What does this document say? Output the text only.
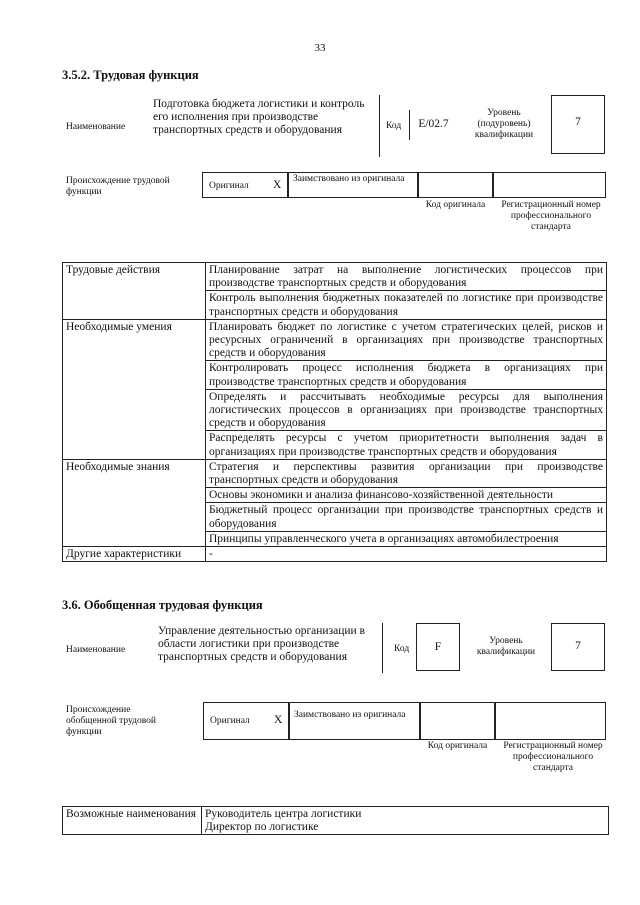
33
3.5.2. Трудовая функция
Наименование
Подготовка бюджета логистики и контроль его исполнения при производстве транспортных средств и оборудования	Код	E/02.7
Уровень (подуровень) квалификации
7
Происхождение трудовой функции
Оригинал X	Заимствовано из оригинала
Код оригинала	Регистрационный номер профессионального стандарта
Трудовые действия	Планирование затрат на выполнение логистических процессов при производстве транспортных средств и оборудования
	Контроль выполнения бюджетных показателей по логистике при производстве транспортных средств и оборудования
Необходимые умения	Планировать бюджет по логистике с учетом стратегических целей, рисков и ресурсных ограничений в организациях при производстве транспортных средств и оборудования
	Контролировать процесс исполнения бюджета в организациях при производстве транспортных средств и оборудования
	Определять и рассчитывать необходимые ресурсы для выполнения логистических процессов в организациях при производстве транспортных средств и оборудования
	Распределять ресурсы с учетом приоритетности выполнения задач в организациях при производстве транспортных средств и оборудования
Необходимые знания	Стратегия и перспективы развития организации при производстве транспортных средств и оборудования
	Основы экономики и анализа финансово-хозяйственной деятельности
	Бюджетный процесс организации при производстве транспортных средств и оборудования
	Принципы управленческого учета в организациях автомобилестроения
Другие характеристики	-
3.6. Обобщенная трудовая функция
Наименование
Управление деятельностью организации в области логистики при производстве транспортных средств и оборудования
Код	F	Уровень квалификации	7
Происхождение обобщенной трудовой функции
Оригинал X	Заимствовано из оригинала
Код оригинала	Регистрационный номер профессионального стандарта
Возможные наименования	Руководитель центра логистики
Директор по логистике
